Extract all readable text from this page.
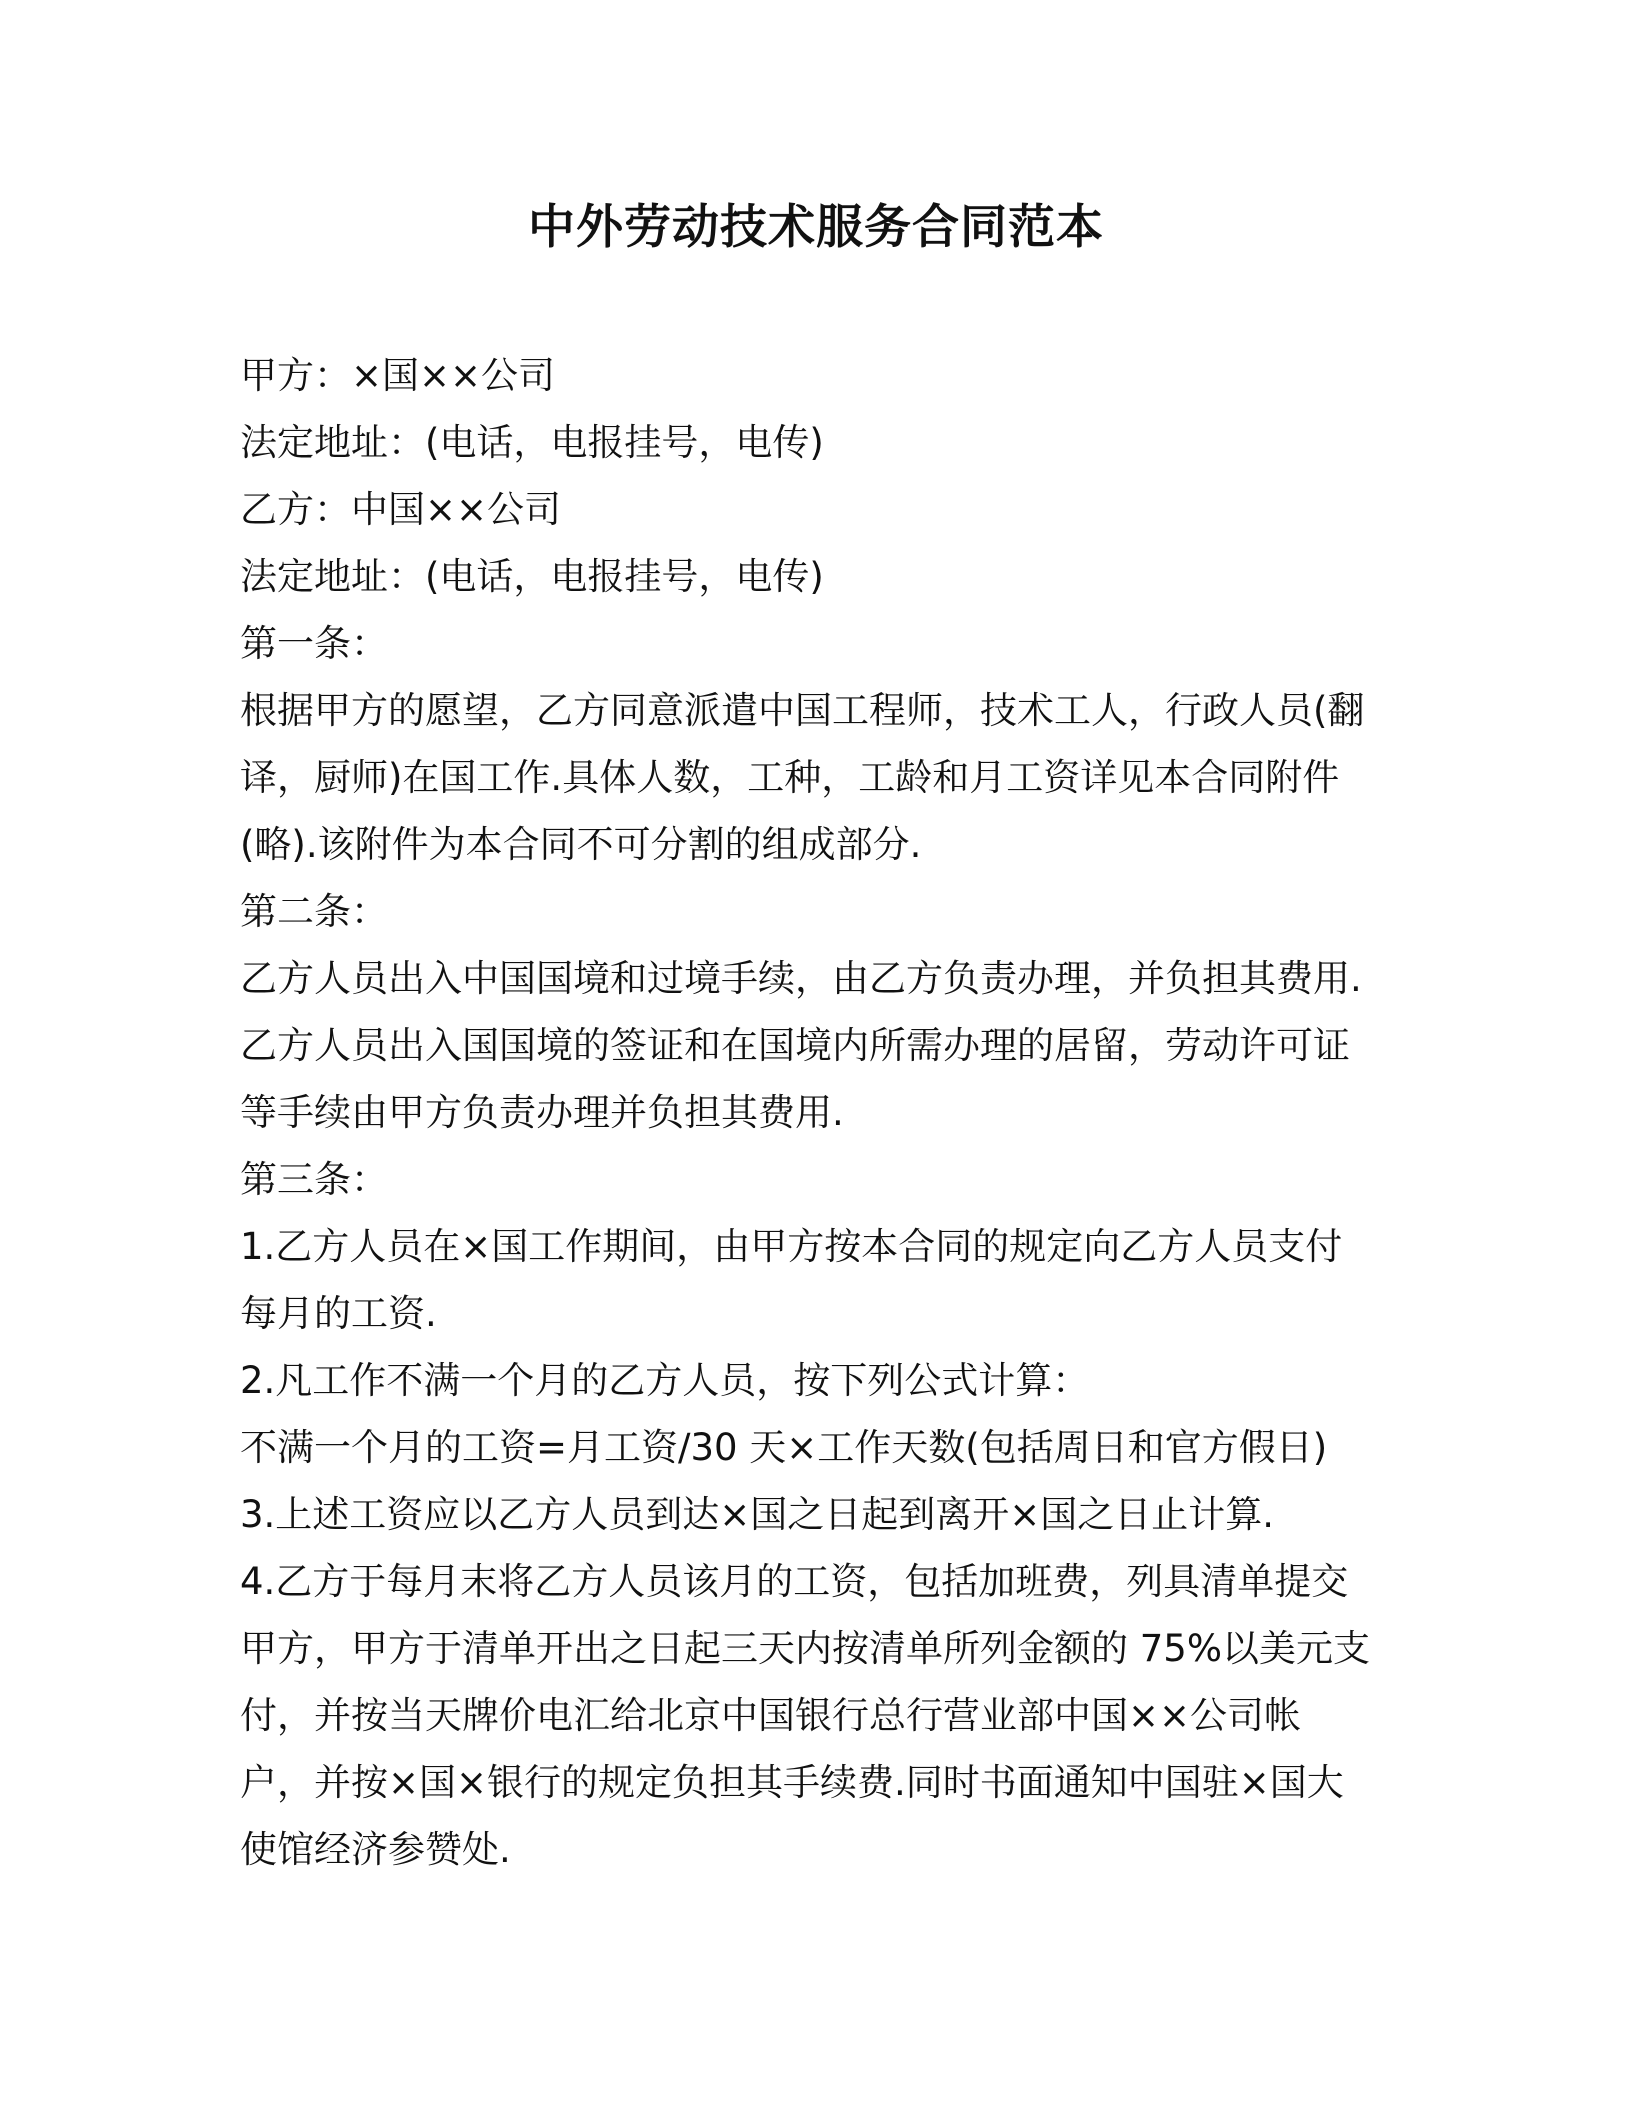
中外劳动技术服务合同范本
甲方：×国××公司
法定地址：(电话，电报挂号，电传)
乙方：中国××公司
法定地址：(电话，电报挂号，电传)
第一条：
根据甲方的愿望，乙方同意派遣中国工程师，技术工人，行政人员(翻
译，厨师)在国工作.具体人数，工种，工龄和月工资详见本合同附件
(略).该附件为本合同不可分割的组成部分.
第二条：
乙方人员出入中国国境和过境手续，由乙方负责办理，并负担其费用.
乙方人员出入国国境的签证和在国境内所需办理的居留，劳动许可证
等手续由甲方负责办理并负担其费用.
第三条：
1.乙方人员在×国工作期间，由甲方按本合同的规定向乙方人员支付
每月的工资.
2.凡工作不满一个月的乙方人员，按下列公式计算：
不满一个月的工资=月工资/30 天×工作天数(包括周日和官方假日)
3.上述工资应以乙方人员到达×国之日起到离开×国之日止计算.
4.乙方于每月末将乙方人员该月的工资，包括加班费，列具清单提交
甲方，甲方于清单开出之日起三天内按清单所列金额的 75%以美元支
付，并按当天牌价电汇给北京中国银行总行营业部中国××公司帐
户，并按×国×银行的规定负担其手续费.同时书面通知中国驻×国大
使馆经济参赞处.
